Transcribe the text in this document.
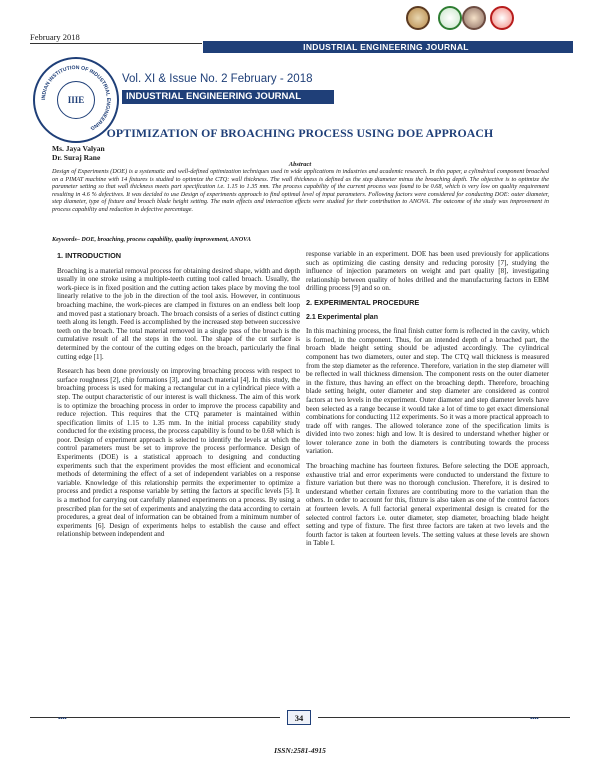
February 2018
INDUSTRIAL ENGINEERING JOURNAL
INDIAN INSTITUTION OF INDUSTRIAL ENGINEERING
IIIE
Vol. XI & Issue No. 2 February - 2018
INDUSTRIAL ENGINEERING JOURNAL
OPTIMIZATION OF BROACHING PROCESS USING DOE APPROACH
Ms. Jaya Valyan
Dr. Suraj Rane
Abstract

Design of Experiments (DOE) is a systematic and well-defined optimization techniques used in wide applications in industries and academic research. In this paper, a cylindrical component broached on a PIMAT machine with 14 fixtures is studied to optimize the CTQ: wall thickness. The wall thickness is defined as the step diameter minus the broaching depth. The objective is to optimize the parameter setting so that wall thickness meets part specification i.e. 1.15 to 1.35 mm. The process capability of the current process was found to be 0.68, which is very low on quality requirement resulting in 4.6 % defectives. It was decided to use Design of experiments approach to find optimal level of input parameters. Following factors were considered for conducting DOE: outer diameter, step diameter, type of fixture and broach blade height setting. The main effects and interaction effects were studied for their contribution to ANOVA. The outcome of the study was improvement in process capability and reduction in defective percentage.

Keywords– DOE, broaching, process capability, quality improvement, ANOVA
1. INTRODUCTION

Broaching is a material removal process for obtaining desired shape, width and depth usually in one stroke using a multiple-teeth cutting tool called broach. Usually, the work-piece is in fixed position and the cutting action takes place by moving the tool linearly relative to the job in the direction of the tool axis. However, in continuous broaching machine, the work-pieces are clamped in fixtures on an endless belt loop and moved past a stationary broach. The broach consists of a series of distinct cutting teeth along its length. Feed is accomplished by the increased step between successive teeth on the broach. The total material removed in a single pass of the broach is the cumulative result of all the steps in the tool. The shape of the cut surface is determined by the contour of the cutting edges on the broach, particularly the final cutting edge [1].

Research has been done previously on improving broaching process with respect to surface roughness [2], chip formations [3], and broach material [4]. In this study, the broaching process is used for making a rectangular cut in a cylindrical piece with a step. The output characteristic of our interest is wall thickness. The aim of this work is to optimize the broaching process in order to improve the process capability and reduce rejection. This requires that the CTQ parameter is maintained within specification limits of 1.15 to 1.35 mm. In the initial process capability study conducted for the existing process, the process capability is found to be 0.68 which is poor. Design of experiment approach is selected to identify the levels at which the control parameters must be set to improve the process performance. Design of Experiments (DOE) is a statistical approach to designing and conducting experiments such that the experiment provides the most efficient and economical methods of determining the effect of a set of independent variables on a response variable. Knowledge of this relationship permits the experimenter to optimize a process and predict a response variable by setting the factors at specific levels [5]. It is a method for carrying out carefully planned experiments on a process. By using a prescribed plan for the set of experiments and analyzing the data according to certain procedures, a great deal of information can be obtained from a minimum number of experiments [6]. Design of experiments helps to establish the cause and effect relationship between independent and

response variable in an experiment. DOE has been used previously for applications such as optimizing die casting density and reducing porosity [7], studying the influence of injection parameters on weight and part quality [8], investigating relationship between quality of holes drilled and the manufacturing factors in EBM drilling process [9] and so on.

2. EXPERIMENTAL PROCEDURE
2.1 Experimental plan

In this machining process, the final finish cutter form is reflected in the cavity, which is formed, in the component. Thus, for an intended depth of a broached part, the broach blade height setting should be adjusted accordingly. The cylindrical component has two diameters, outer and step. The CTQ wall thickness is measured from the step diameter as the reference. Therefore, variation in the step diameter will be reflected in wall thickness dimension. The component rests on the outer diameter in the fixture, thus having an effect on the broaching depth. Therefore, broaching blade setting height, outer diameter and step diameter are considered as control factors at two levels in the experiment. Outer diameter and step diameter levels have been selected as a range because it would take a lot of time to get exact dimensional combinations for conducting 112 experiments. So it was a more practical approach to trade off with ranges. The allowed tolerance zone of the specification limits is divided into two zones: high and low. It is desired to understand whether higher or lower tolerance zone in both the diameters is contributing towards the process variation.

The broaching machine has fourteen fixtures. Before selecting the DOE approach, exhaustive trial and error experiments were conducted to understand the fixture to fixture variation but there was no thorough conclusion. Therefore, it is desired to understand whether certain fixtures are contributing more to the variation than the others. In order to account for this, fixture is also taken as one of the control factors at fourteen levels. A full factorial general experimental design is created for the selected control factors i.e. outer diameter, step diameter, broaching blade height setting and type of fixture. The first three factors are taken at two levels and the fourth factor is taken at fourteen levels. The setting values at these levels are shown in Table I.

▪▪▪▪	▪▪▪▪
34
ISSN:2581-4915
